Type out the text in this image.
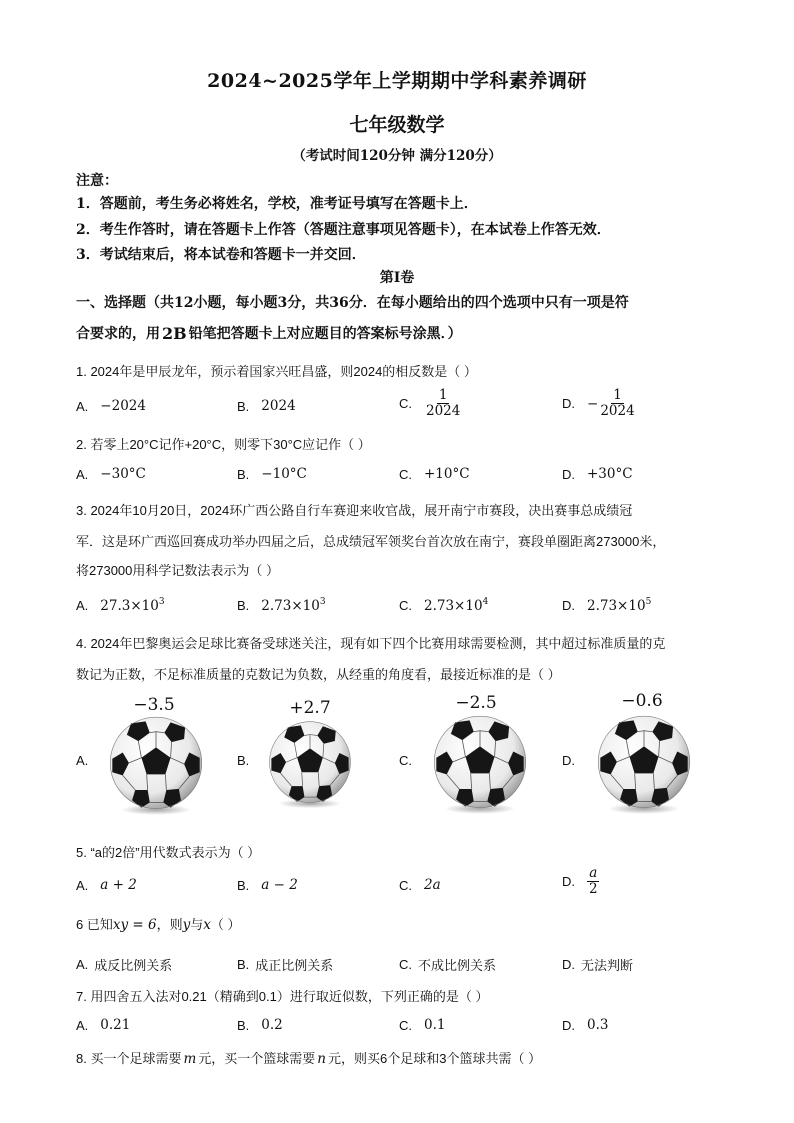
2024~2025学年上学期期中学科素养调研
七年级数学
（考试时间120分钟 满分120分）
注意：
1．答题前，考生务必将姓名，学校，准考证号填写在答题卡上．
2．考生作答时，请在答题卡上作答（答题注意事项见答题卡），在本试卷上作答无效．
3．考试结束后，将本试卷和答题卡一并交回．
第Ⅰ卷
一、选择题（共12小题，每小题3分，共36分．在每小题给出的四个选项中只有一项是符
合要求的，用 2B 铅笔把答题卡上对应题目的答案标号涂黑．）
1. 2024年是甲辰龙年，预示着国家兴旺昌盛，则2024的相反数是（ ）
A. −2024	B. 2024	C. $\frac{1}{2024}$	D. − $\frac{1}{2024}$
2. 若零上20°C记作+20°C，则零下30°C应记作（ ）
A. −30°C	B. −10°C	C. +10°C	D. +30°C
3. 2024年10月20日，2024环广西公路自行车赛迎来收官战，展开南宁市赛段，决出赛事总成绩冠
军．这是环广西巡回赛成功举办四届之后，总成绩冠军领奖台首次放在南宁，赛段单圈距离273000米，
将273000用科学记数法表示为（ ）
A. $27.3\times 10^3$	B. $2.73\times 10^3$	C. $2.73\times 10^4$	D. $2.73\times 10^5$
4. 2024年巴黎奥运会足球比赛备受球迷关注，现有如下四个比赛用球需要检测，其中超过标准质量的克
数记为正数，不足标准质量的克数记为负数，从经重的角度看，最接近标准的是（ ）
−3.5	+2.7	−2.5	−0.6
A.	B.	C.	D.
5. “a的2倍”用代数式表示为（ ）
A. a + 2	B. a − 2	C. 2a	D. $\frac{a}{2}$
6 已知 xy = 6 ，则 y 与 x （ ）
A. 成反比例关系	B. 成正比例关系	C. 不成比例关系	D. 无法判断
7. 用四舍五入法对0.21（精确到0.1）进行取近似数，下列正确的是（ ）
A. 0.21	B. 0.2	C. 0.1	D. 0.3
8. 买一个足球需要 m 元，买一个篮球需要 n 元，则买6个足球和3个篮球共需（ ）
